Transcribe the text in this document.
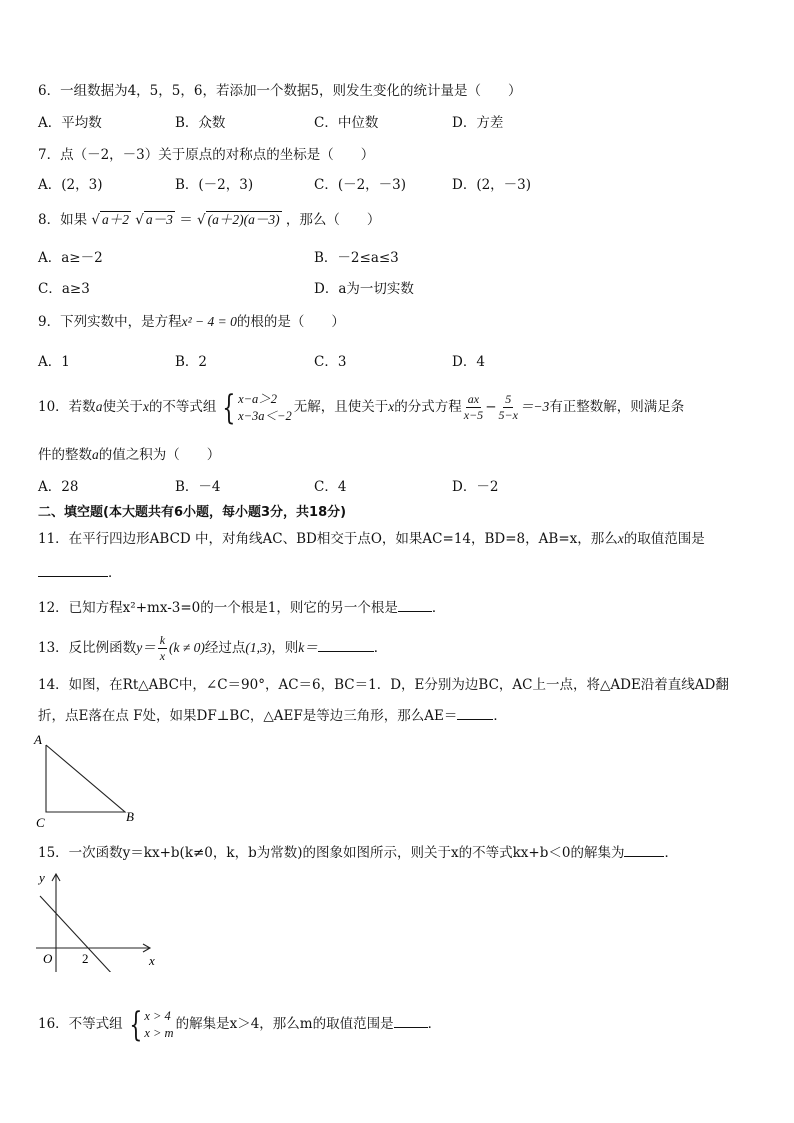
6．一组数据为4，5，5，6，若添加一个数据5，则发生变化的统计量是（　　）
A．平均数	B．众数	C．中位数	D．方差
7．点（－2，－3）关于原点的对称点的坐标是（　　）
A．(2，3)	B．(－2，3)	C．(－2，－3)	D．(2，－3)
8．如果 √ a＋2 √ a－3 ＝ √ (a＋2)(a－3) ，那么（　　）
A．a≥－2	B．－2≤a≤3
C．a≥3	D．a为一切实数
9．下列实数中，是方程x² − 4 = 0的根的是（　　）
A．1	B．2	C．3	D．4
10．若数a使关于x的不等式组 { x−a＞2
x−3a＜−2
无解，且使关于x的分式方程 $\frac{ax}{x-5} - \frac{5}{5-x} =-3$有正整数解，则满足条
件的整数a的值之积为（　　）
A．28	B．－4	C．4	D．－2
二、填空题(本大题共有6小题，每小题3分，共18分)
11．在平行四边形ABCD 中，对角线AC、BD相交于点O，如果AC=14，BD=8，AB=x，那么x的取值范围是
．
12．已知方程x²+mx-3=0的一个根是1，则它的另一个根是	．
13．反比例函数$y= \frac{k}{x} (k \ne 0)$经过点(1,3)，则k＝	．
14．如图，在Rt△ABC中，∠C＝90°，AC＝6，BC＝1．D，E分别为边BC，AC上一点，将△ADE沿着直线AD翻
折，点E落在点 F处，如果DF⊥BC，△AEF是等边三角形，那么AE＝	．
A
B
C
15．一次函数y＝kx+b(k≠0，k，b为常数)的图象如图所示，则关于x的不等式kx+b＜0的解集为	．
y
x
O 2
16．不等式组 { x > 4
x > m
的解集是x＞4，那么m的取值范围是	．
